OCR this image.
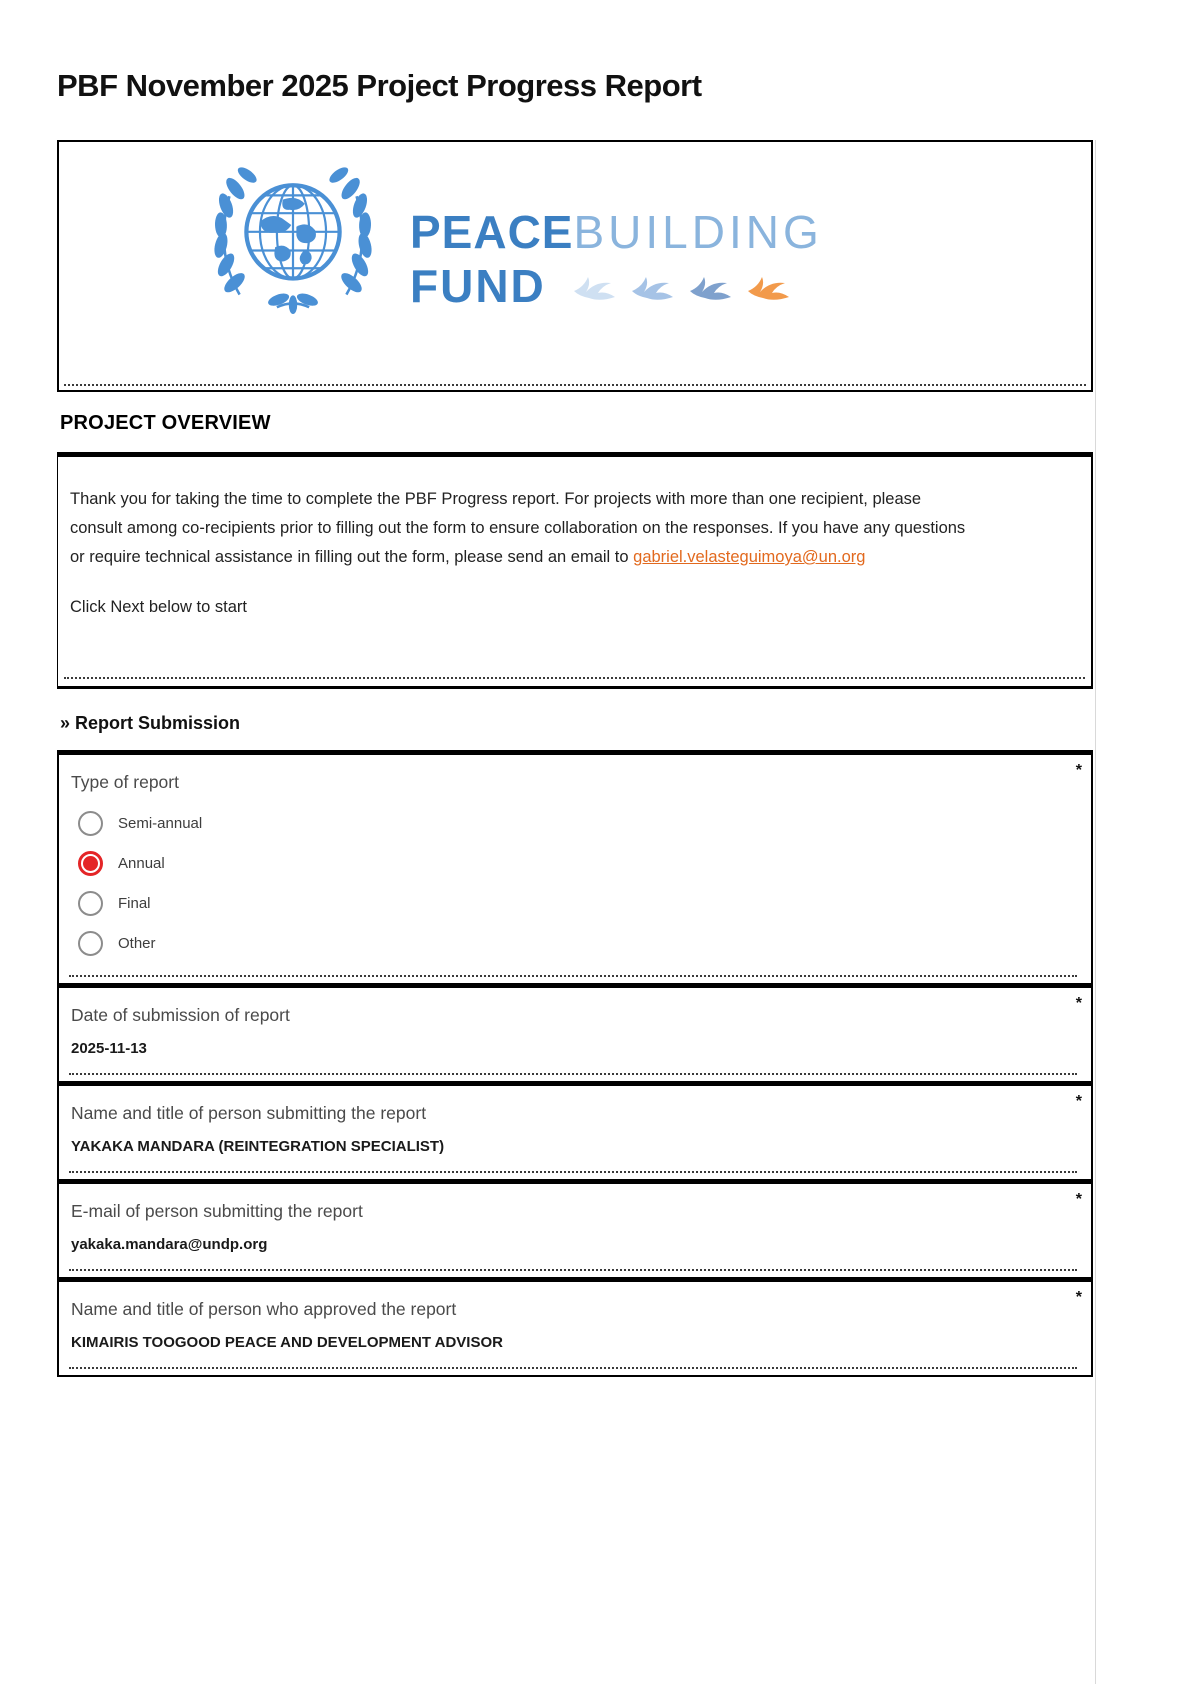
PBF November 2025 Project Progress Report
PEACEBUILDING
FUND
PROJECT OVERVIEW

Thank you for taking the time to complete the PBF Progress report. For projects with more than one recipient, please consult among co-recipients prior to filling out the form to ensure collaboration on the responses. If you have any questions or require technical assistance in filling out the form, please send an email to gabriel.velasteguimoya@un.org

Click Next below to start

» Report Submission
*
Type of report
Semi-annual
Annual
Final
Other
*
Date of submission of report
2025-11-13
*
Name and title of person submitting the report
YAKAKA MANDARA (REINTEGRATION SPECIALIST)
*
E-mail of person submitting the report
yakaka.mandara@undp.org
*
Name and title of person who approved the report
KIMAIRIS TOOGOOD PEACE AND DEVELOPMENT ADVISOR
